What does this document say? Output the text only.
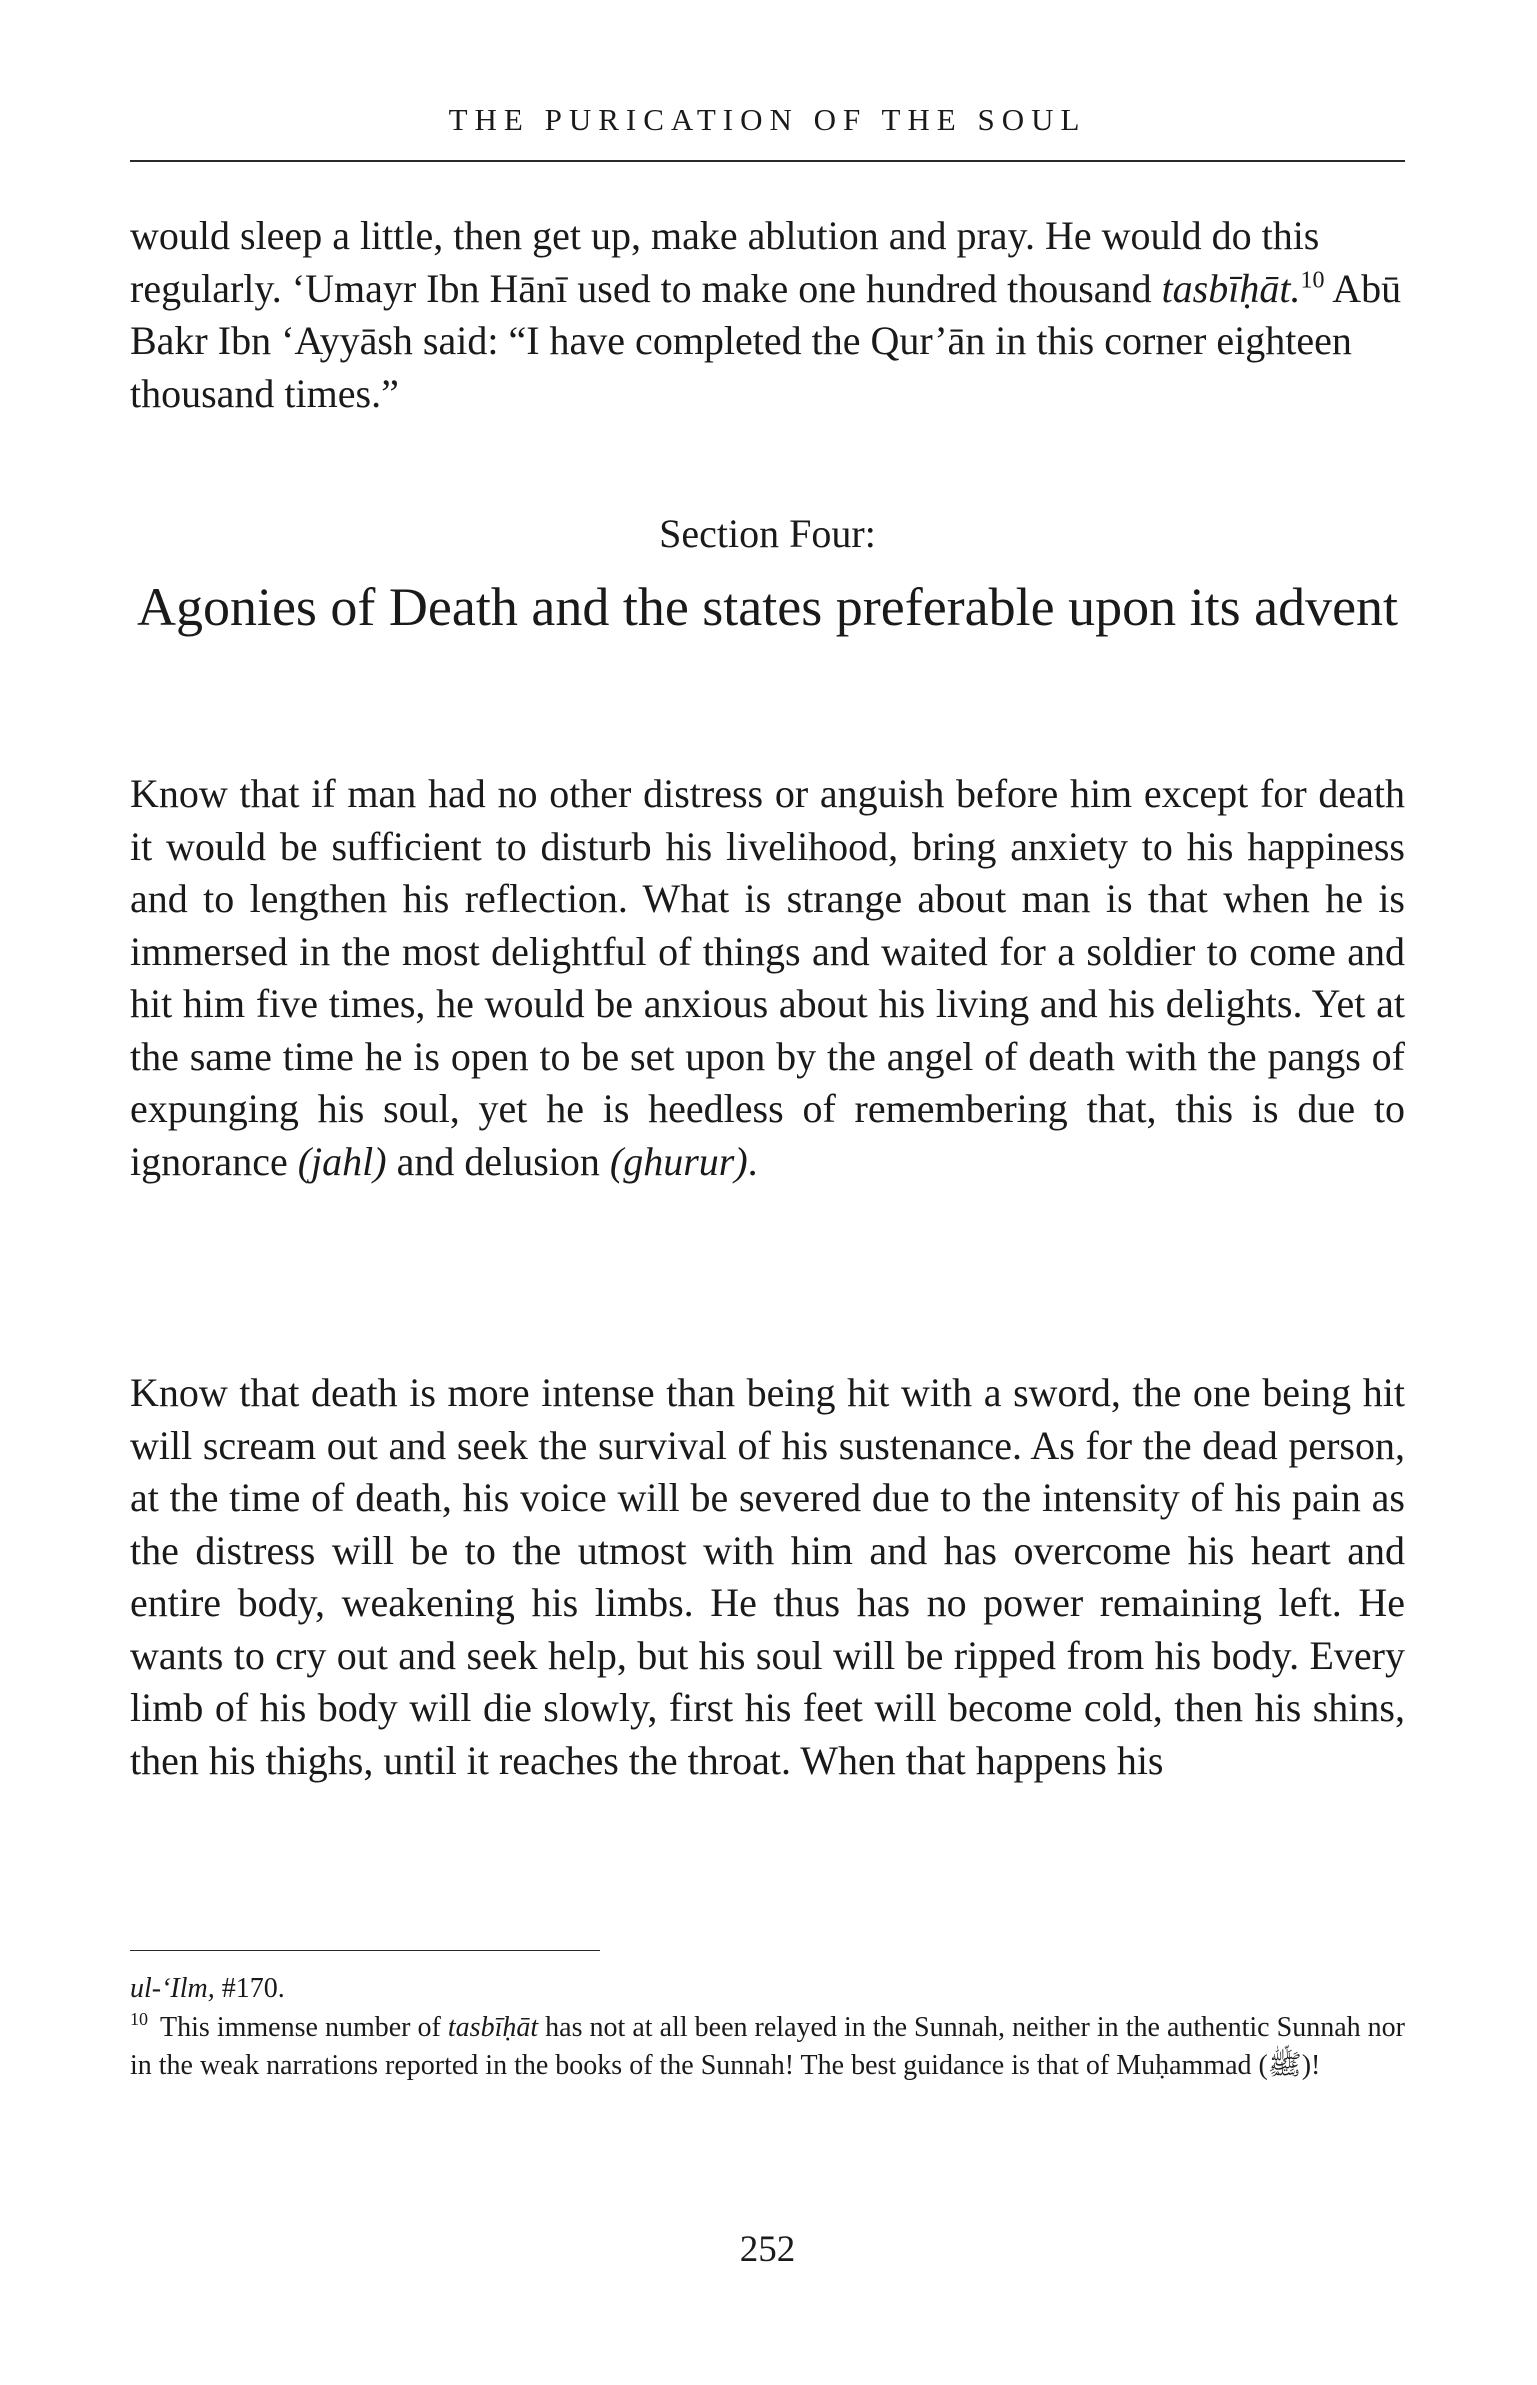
THE PURICATION OF THE SOUL

would sleep a little, then get up, make ablution and pray. He would do this regularly. ‘Umayr Ibn Hānī used to make one hundred thousand tasbīḥāt.$^{10}$ Abū Bakr Ibn ‘Ayyāsh said: “I have completed the Qur’ān in this corner eighteen thousand times.”

Section Four:
Agonies of Death and the states preferable upon its advent

Know that if man had no other distress or anguish before him except for death it would be sufficient to disturb his livelihood, bring anxiety to his happiness and to lengthen his reflection. What is strange about man is that when he is immersed in the most delightful of things and waited for a soldier to come and hit him five times, he would be anxious about his living and his delights. Yet at the same time he is open to be set upon by the angel of death with the pangs of expunging his soul, yet he is heedless of remembering that, this is due to ignorance (jahl) and delusion (ghurur).

Know that death is more intense than being hit with a sword, the one being hit will scream out and seek the survival of his sustenance. As for the dead person, at the time of death, his voice will be severed due to the intensity of his pain as the distress will be to the utmost with him and has overcome his heart and entire body, weakening his limbs. He thus has no power remaining left. He wants to cry out and seek help, but his soul will be ripped from his body. Every limb of his body will die slowly, first his feet will become cold, then his shins, then his thighs, until it reaches the throat. When that happens his

ul-‘Ilm, #170.

$^{10}$ This immense number of tasbīḥāt has not at all been relayed in the Sunnah, neither in the authentic Sunnah nor in the weak narrations reported in the books of the Sunnah! The best guidance is that of Muḥammad (ﷺ)!

252
